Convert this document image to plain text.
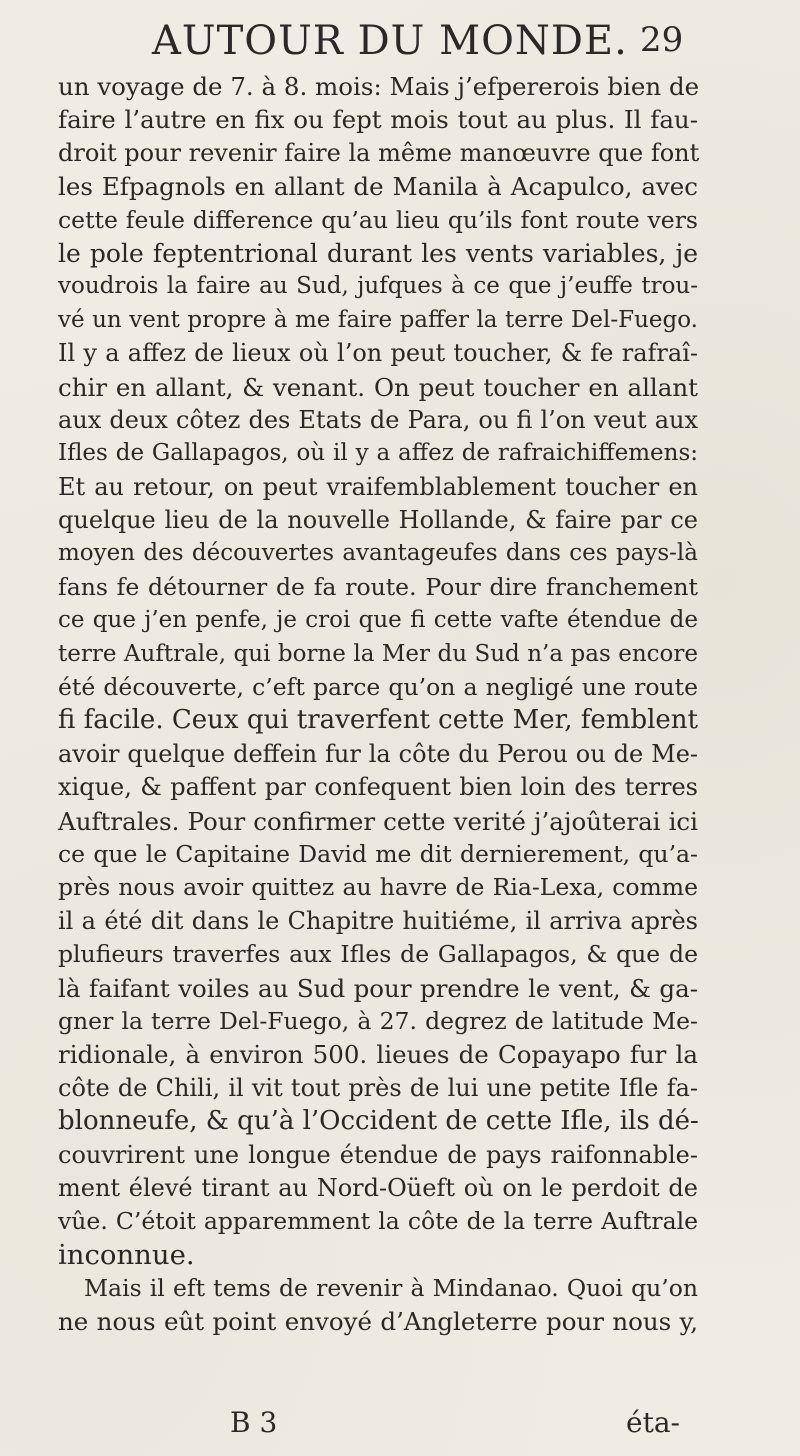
AUTOUR DU MONDE. 29
un voyage de 7. à 8. mois: Mais j’efpererois bien de
faire l’autre en fix ou fept mois tout au plus. Il fau-
droit pour revenir faire la même manœuvre que font
les Efpagnols en allant de Manila à Acapulco, avec
cette feule difference qu’au lieu qu’ils font route vers
le pole feptentrional durant les vents variables, je
voudrois la faire au Sud, jufques à ce que j’euffe trou-
vé un vent propre à me faire paffer la terre Del-Fuego.
Il y a affez de lieux où l’on peut toucher, & fe rafraî-
chir en allant, & venant. On peut toucher en allant
aux deux côtez des Etats de Para, ou fi l’on veut aux
Ifles de Gallapagos, où il y a affez de rafraichiffemens:
Et au retour, on peut vraifemblablement toucher en
quelque lieu de la nouvelle Hollande, & faire par ce
moyen des découvertes avantageufes dans ces pays-là
fans fe détourner de fa route. Pour dire franchement
ce que j’en penfe, je croi que fi cette vafte étendue de
terre Auftrale, qui borne la Mer du Sud n’a pas encore
été découverte, c’eft parce qu’on a negligé une route
fi facile. Ceux qui traverfent cette Mer, femblent
avoir quelque deffein fur la côte du Perou ou de Me-
xique, & paffent par confequent bien loin des terres
Auftrales. Pour confirmer cette verité j’ajoûterai ici
ce que le Capitaine David me dit dernierement, qu’a-
près nous avoir quittez au havre de Ria-Lexa, comme
il a été dit dans le Chapitre huitiéme, il arriva après
plufieurs traverfes aux Ifles de Gallapagos, & que de
là faifant voiles au Sud pour prendre le vent, & ga-
gner la terre Del-Fuego, à 27. degrez de latitude Me-
ridionale, à environ 500. lieues de Copayapo fur la
côte de Chili, il vit tout près de lui une petite Ifle fa-
blonneufe, & qu’à l’Occident de cette Ifle, ils dé-
couvrirent une longue étendue de pays raifonnable-
ment élevé tirant au Nord-Oüeft où on le perdoit de
vûe. C’étoit apparemment la côte de la terre Auftrale
inconnue.
Mais il eft tems de revenir à Mindanao. Quoi qu’on
ne nous eût point envoyé d’Angleterre pour nous y,
B 3	éta-
